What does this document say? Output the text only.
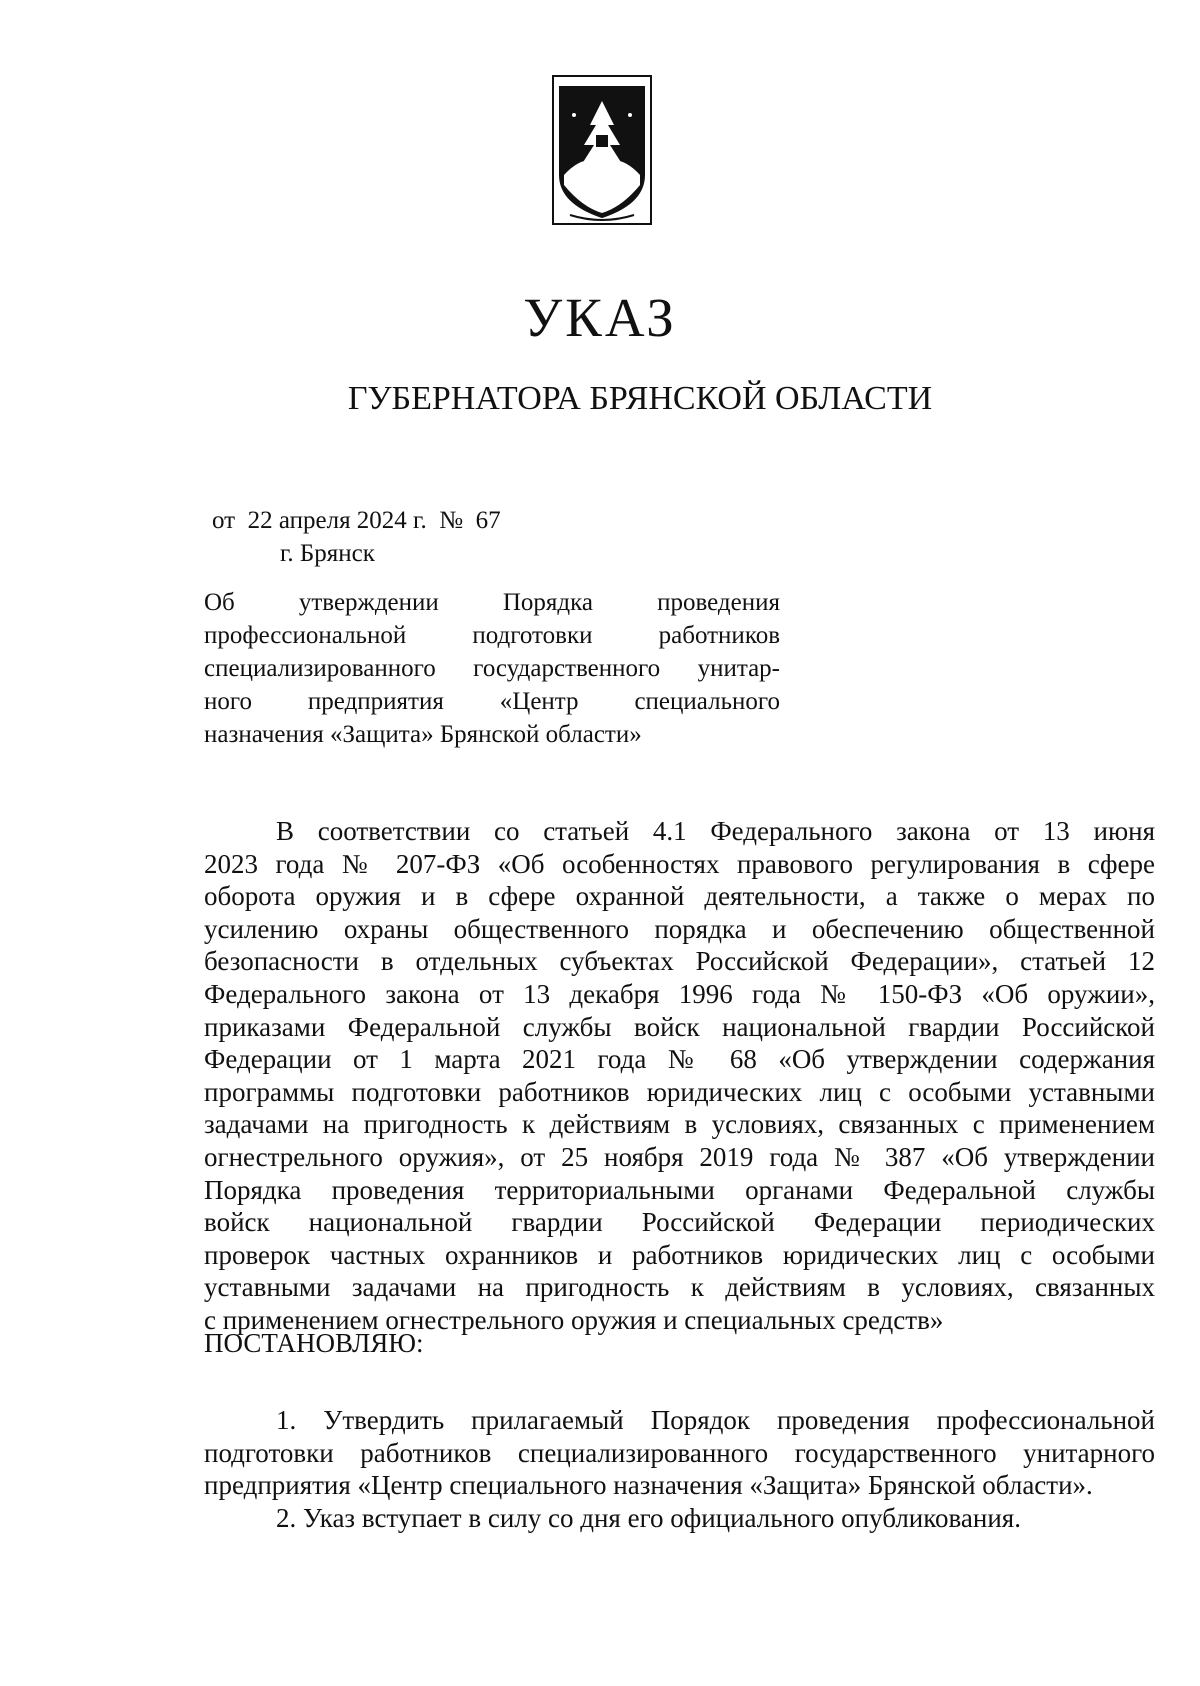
УКАЗ
ГУБЕРНАТОРА БРЯНСКОЙ ОБЛАСТИ
от  22 апреля 2024 г.  №  67
г. Брянск
Об утверждении Порядка проведения
профессиональной подготовки работников
специализированного государственного унитар-
ного предприятия «Центр специального
назначения «Защита» Брянской области»
В соответствии со статьей 4.1 Федерального закона от 13 июня
2023 года № 207-ФЗ «Об особенностях правового регулирования в сфере
оборота оружия и в сфере охранной деятельности, а также о мерах по
усилению охраны общественного порядка и обеспечению общественной
безопасности в отдельных субъектах Российской Федерации», статьей 12
Федерального закона от 13 декабря 1996 года № 150-ФЗ «Об оружии»,
приказами Федеральной службы войск национальной гвардии Российской
Федерации от 1 марта 2021 года № 68 «Об утверждении содержания
программы подготовки работников юридических лиц с особыми уставными
задачами на пригодность к действиям в условиях, связанных с применением
огнестрельного оружия», от 25 ноября 2019 года № 387 «Об утверждении
Порядка проведения территориальными органами Федеральной службы
войск национальной гвардии Российской Федерации периодических
проверок частных охранников и работников юридических лиц с особыми
уставными задачами на пригодность к действиям в условиях, связанных
с применением огнестрельного оружия и специальных средств»
ПОСТАНОВЛЯЮ:
1. Утвердить прилагаемый Порядок проведения профессиональной
подготовки работников специализированного государственного унитарного
предприятия «Центр специального назначения «Защита» Брянской области».
2. Указ вступает в силу со дня его официального опубликования.
